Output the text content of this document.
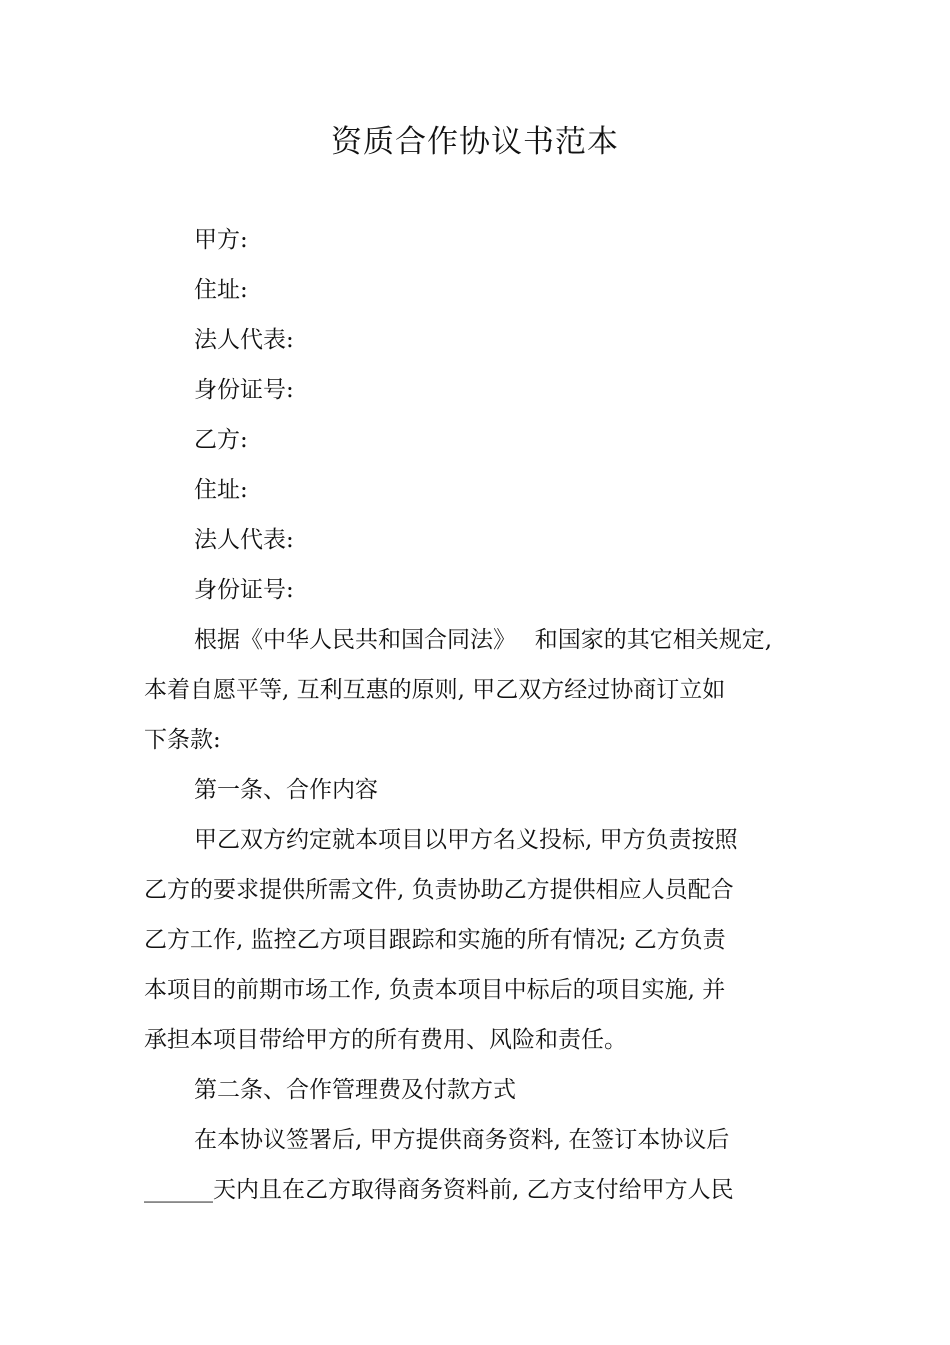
资质合作协议书范本
甲方:
住址:
法人代表:
身份证号:
乙方:
住址:
法人代表:
身份证号:
根据《中华人民共和国合同法》　 和国家的其它相关规定,
本着自愿平等, 互利互惠的原则, 甲乙双方经过协商订立如
下条款:
第一条、合作内容
甲乙双方约定就本项目以甲方名义投标, 甲方负责按照
乙方的要求提供所需文件, 负责协助乙方提供相应人员配合
乙方工作, 监控乙方项目跟踪和实施的所有情况; 乙方负责
本项目的前期市场工作, 负责本项目中标后的项目实施, 并
承担本项目带给甲方的所有费用、风险和责任。
第二条、合作管理费及付款方式
在本协议签署后, 甲方提供商务资料, 在签订本协议后
______天内且在乙方取得商务资料前, 乙方支付给甲方人民
